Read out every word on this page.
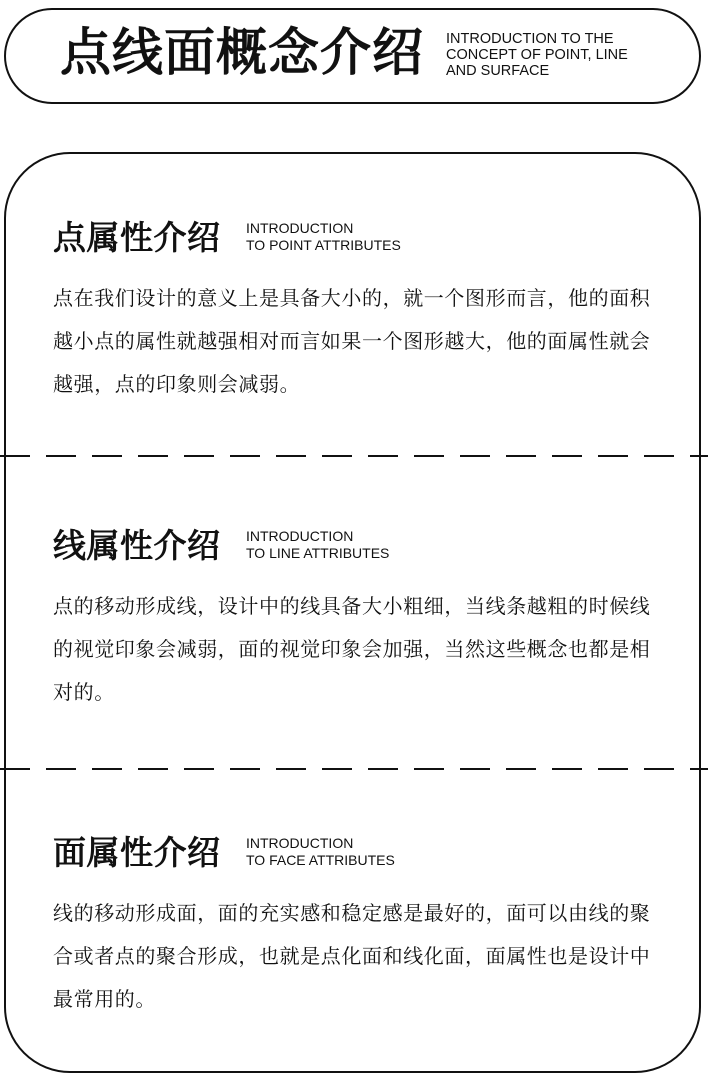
点线面概念介绍 INTRODUCTION TO THE
CONCEPT OF POINT, LINE
AND SURFACE
点属性介绍 INTRODUCTION
TO POINT ATTRIBUTES
点在我们设计的意义上是具备大小的，就一个图形而言，他的面积越小点的属性就越强相对而言如果一个图形越大，他的面属性就会越强，点的印象则会减弱。
线属性介绍 INTRODUCTION
TO LINE ATTRIBUTES
点的移动形成线，设计中的线具备大小粗细，当线条越粗的时候线的视觉印象会减弱，面的视觉印象会加强，当然这些概念也都是相对的。
面属性介绍 INTRODUCTION
TO FACE ATTRIBUTES
线的移动形成面，面的充实感和稳定感是最好的，面可以由线的聚合或者点的聚合形成，也就是点化面和线化面，面属性也是设计中最常用的。
